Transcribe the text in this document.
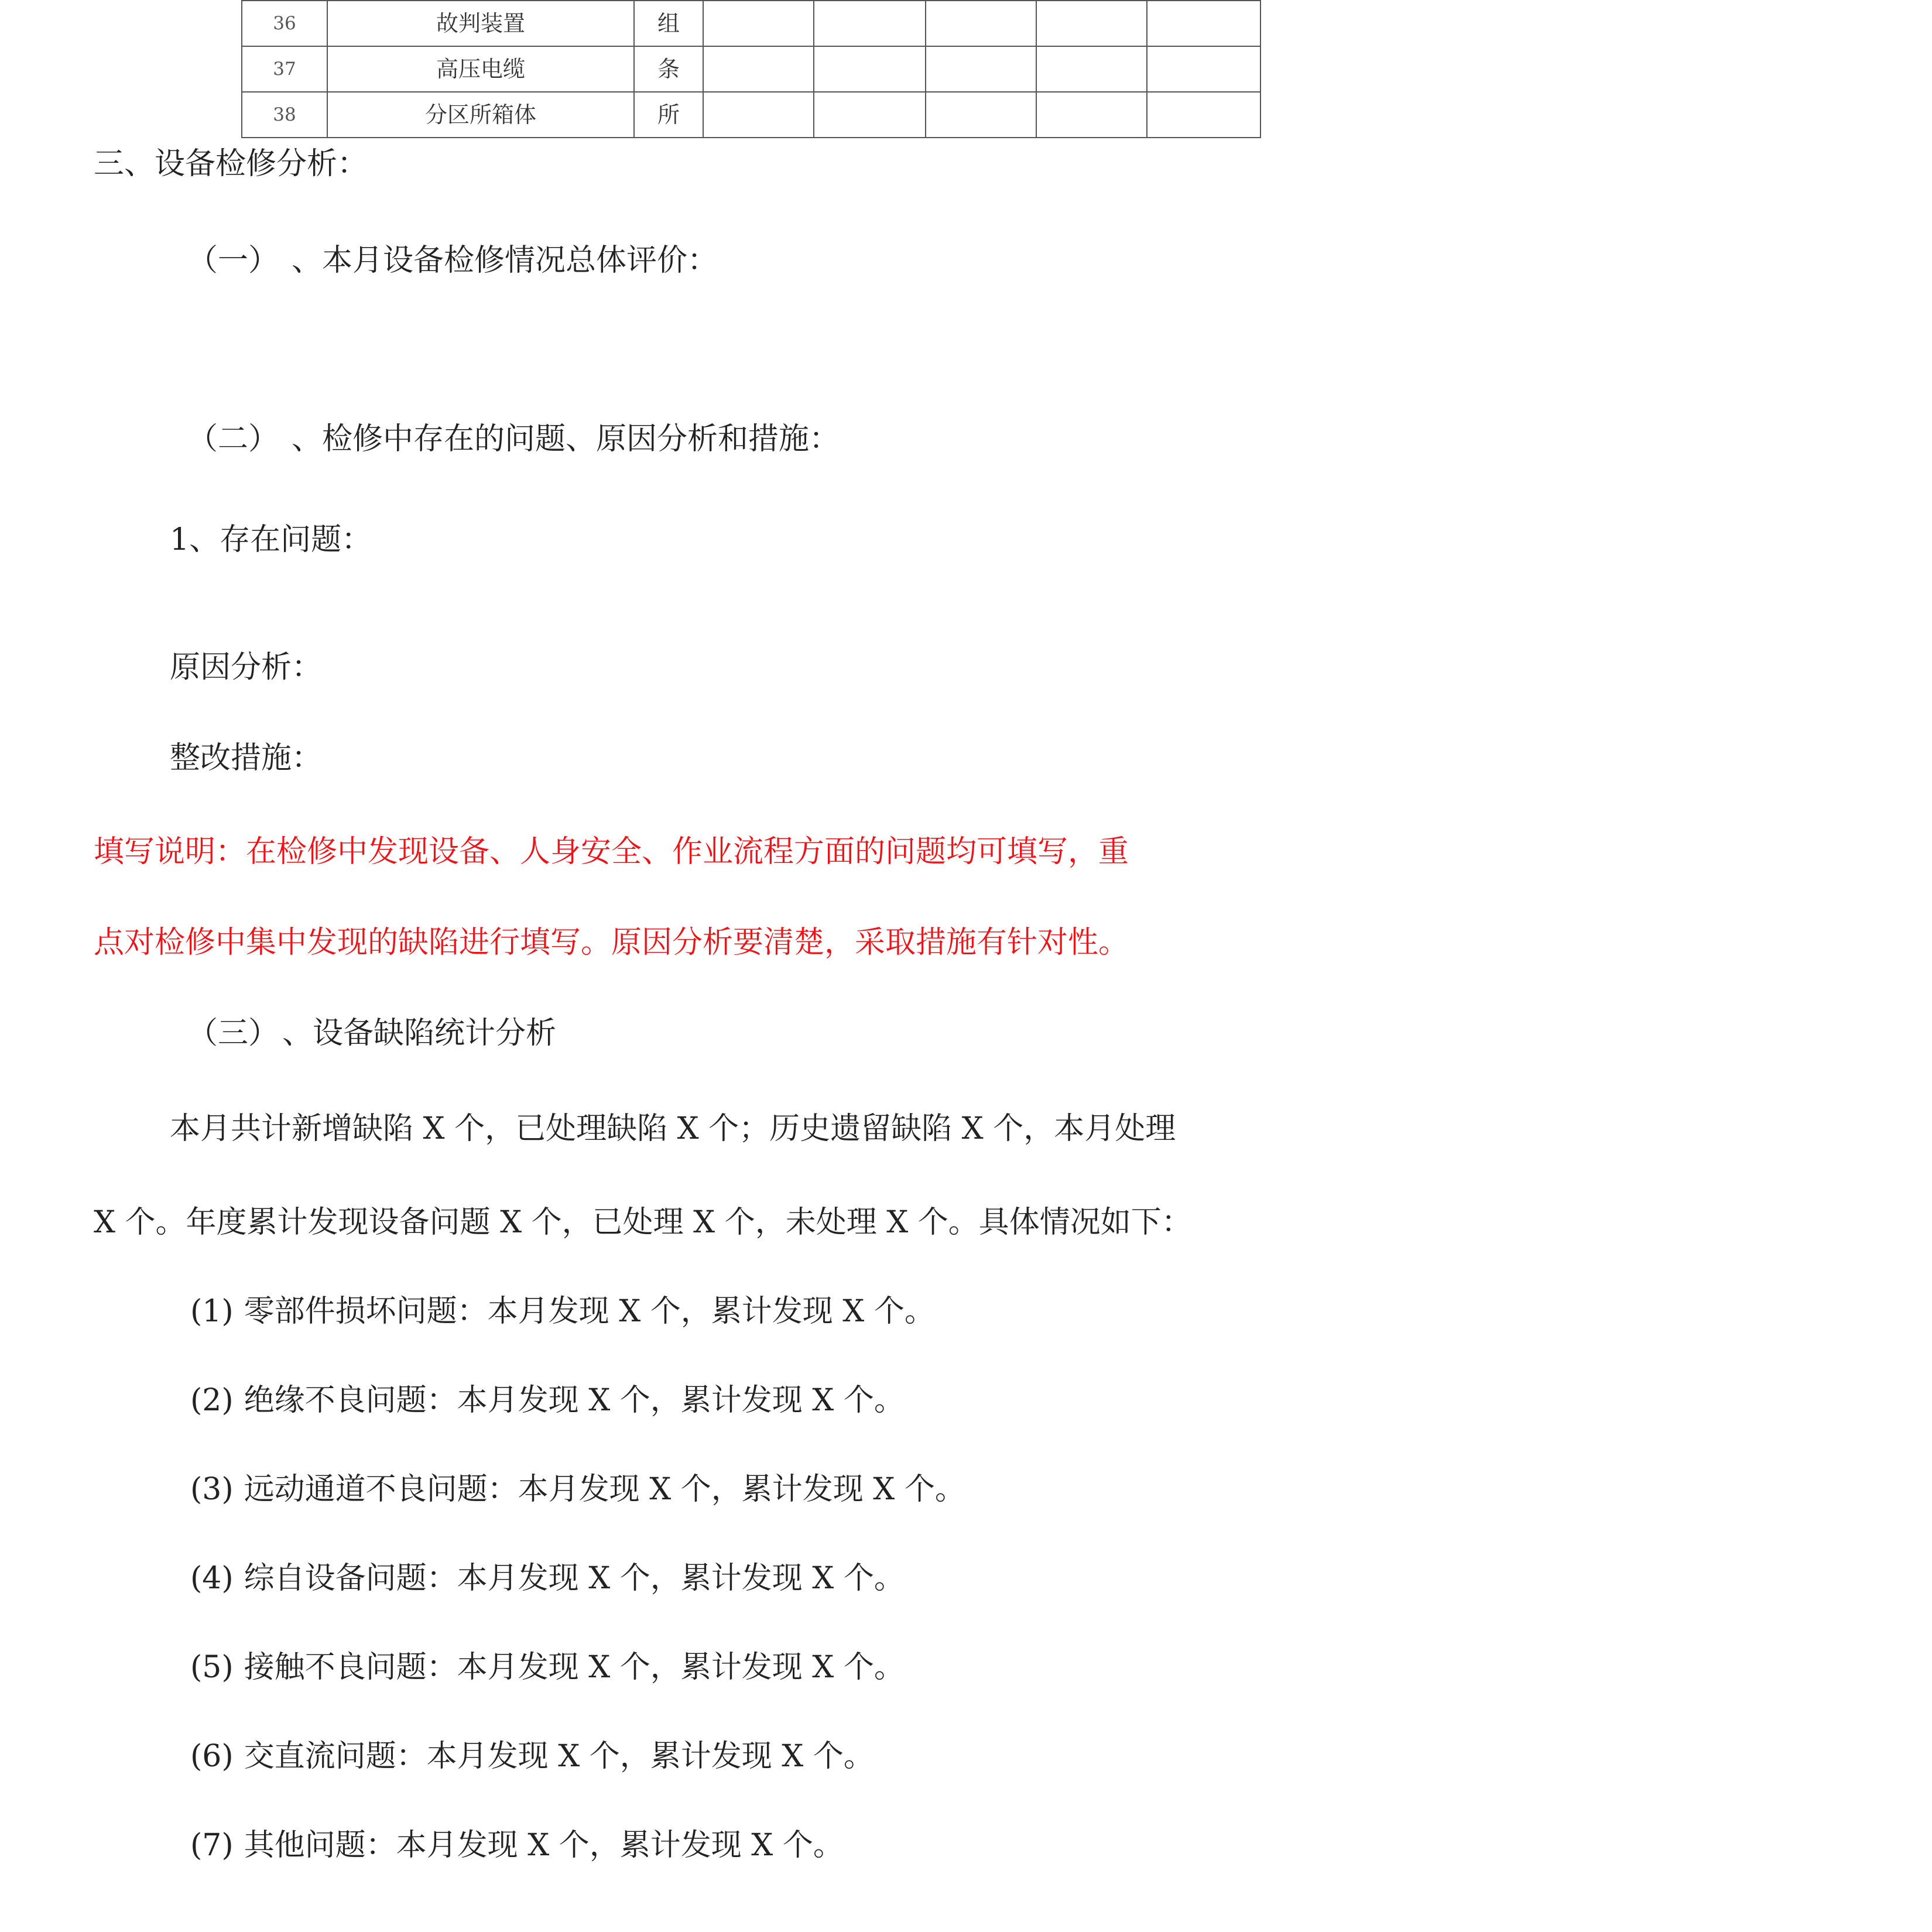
36	故判装置	组					
37	高压电缆	条					
38	分区所箱体	所					
三、设备检修分析：
（一） 、本月设备检修情况总体评价：
（二） 、检修中存在的问题、原因分析和措施：
1、存在问题：
原因分析：
整改措施：
填写说明：在检修中发现设备、人身安全、作业流程方面的问题均可填写，重
点对检修中集中发现的缺陷进行填写。原因分析要清楚，采取措施有针对性。
（三） 、设备缺陷统计分析
本月共计新增缺陷 X 个，已处理缺陷 X 个；历史遗留缺陷 X 个，本月处理
X 个。年度累计发现设备问题 X 个，已处理 X 个，未处理 X 个。具体情况如下：
(1) 零部件损坏问题：本月发现 X 个，累计发现 X 个。
(2) 绝缘不良问题：本月发现 X 个，累计发现 X 个。
(3) 远动通道不良问题：本月发现 X 个，累计发现 X 个。
(4) 综自设备问题：本月发现 X 个，累计发现 X 个。
(5) 接触不良问题：本月发现 X 个，累计发现 X 个。
(6) 交直流问题：本月发现 X 个，累计发现 X 个。
(7) 其他问题：本月发现 X 个，累计发现 X 个。
